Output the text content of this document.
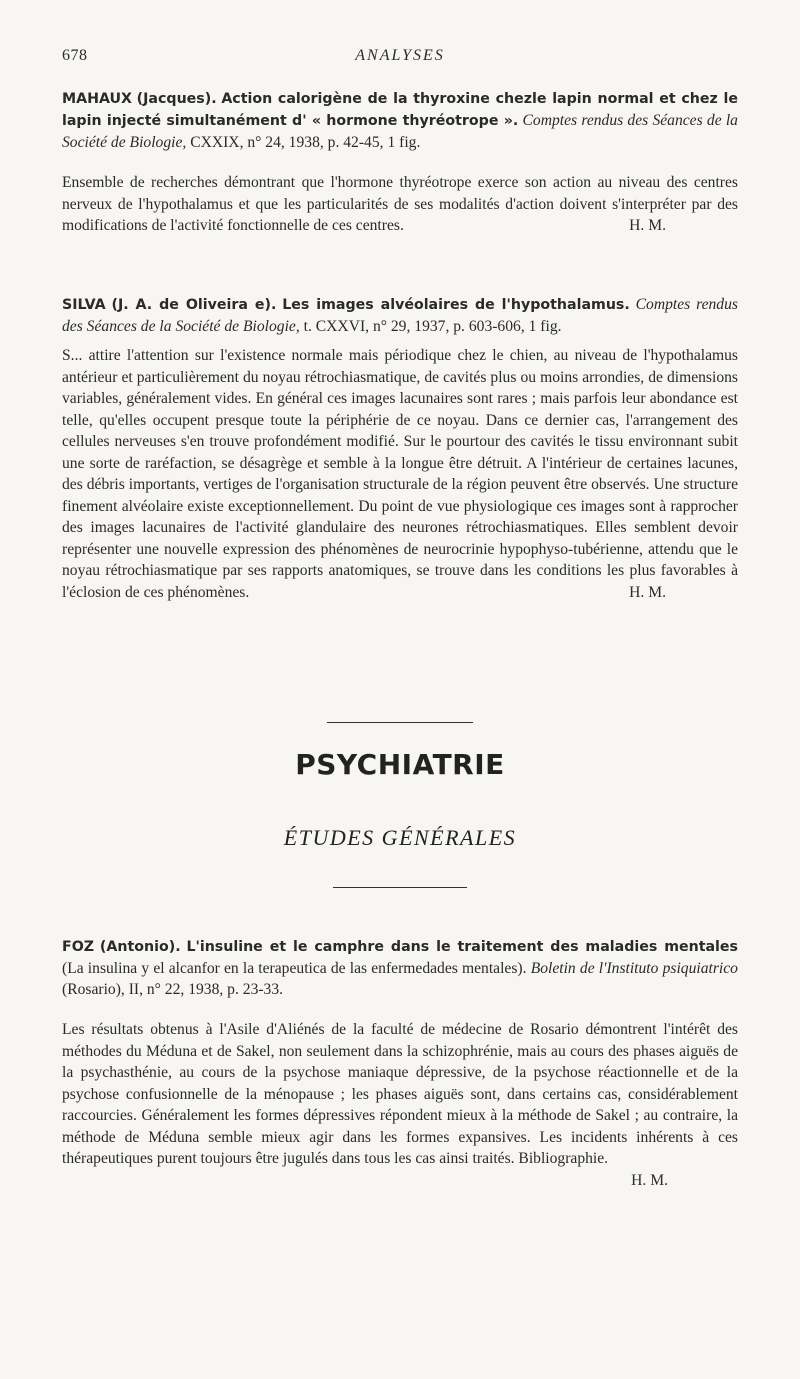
678	ANALYSES
MAHAUX (Jacques). Action calorigène de la thyroxine chezle lapin normal et chez le lapin injecté simultanément d' « hormone thyréotrope ». Comptes rendus des Séances de la Société de Biologie, CXXIX, n° 24, 1938, p. 42-45, 1 fig.
Ensemble de recherches démontrant que l'hormone thyréotrope exerce son action au niveau des centres nerveux de l'hypothalamus et que les particularités de ses modalités d'action doivent s'interpréter par des modifications de l'activité fonctionnelle de ces centres.	H. M.
SILVA (J. A. de Oliveira e). Les images alvéolaires de l'hypothalamus. Comptes rendus des Séances de la Société de Biologie, t. CXXVI, n° 29, 1937, p. 603-606, 1 fig.
S... attire l'attention sur l'existence normale mais périodique chez le chien, au niveau de l'hypothalamus antérieur et particulièrement du noyau rétrochiasmatique, de cavités plus ou moins arrondies, de dimensions variables, généralement vides. En général ces images lacunaires sont rares ; mais parfois leur abondance est telle, qu'elles occupent presque toute la périphérie de ce noyau. Dans ce dernier cas, l'arrangement des cellules nerveuses s'en trouve profondément modifié. Sur le pourtour des cavités le tissu environnant subit une sorte de raréfaction, se désagrège et semble à la longue être détruit. A l'intérieur de certaines lacunes, des débris importants, vertiges de l'organisation structurale de la région peuvent être observés. Une structure finement alvéolaire existe exceptionnellement. Du point de vue physiologique ces images sont à rapprocher des images lacunaires de l'activité glandulaire des neurones rétrochiasmatiques. Elles semblent devoir représenter une nouvelle expression des phénomènes de neurocrinie hypophyso-tubérienne, attendu que le noyau rétrochiasmatique par ses rapports anatomiques, se trouve dans les conditions les plus favorables à l'éclosion de ces phénomènes.	H. M.
PSYCHIATRIE
ÉTUDES GÉNÉRALES
FOZ (Antonio). L'insuline et le camphre dans le traitement des maladies mentales (La insulina y el alcanfor en la terapeutica de las enfermedades mentales). Boletin de l'Instituto psiquiatrico (Rosario), II, n° 22, 1938, p. 23-33.
Les résultats obtenus à l'Asile d'Aliénés de la faculté de médecine de Rosario démontrent l'intérêt des méthodes du Méduna et de Sakel, non seulement dans la schizophrénie, mais au cours des phases aiguës de la psychasthénie, au cours de la psychose maniaque dépressive, de la psychose réactionnelle et de la psychose confusionnelle de la ménopause ; les phases aiguës sont, dans certains cas, considérablement raccourcies. Généralement les formes dépressives répondent mieux à la méthode de Sakel ; au contraire, la méthode de Méduna semble mieux agir dans les formes expansives. Les incidents inhérents à ces thérapeutiques purent toujours être jugulés dans tous les cas ainsi traités. Bibliographie.
H. M.
